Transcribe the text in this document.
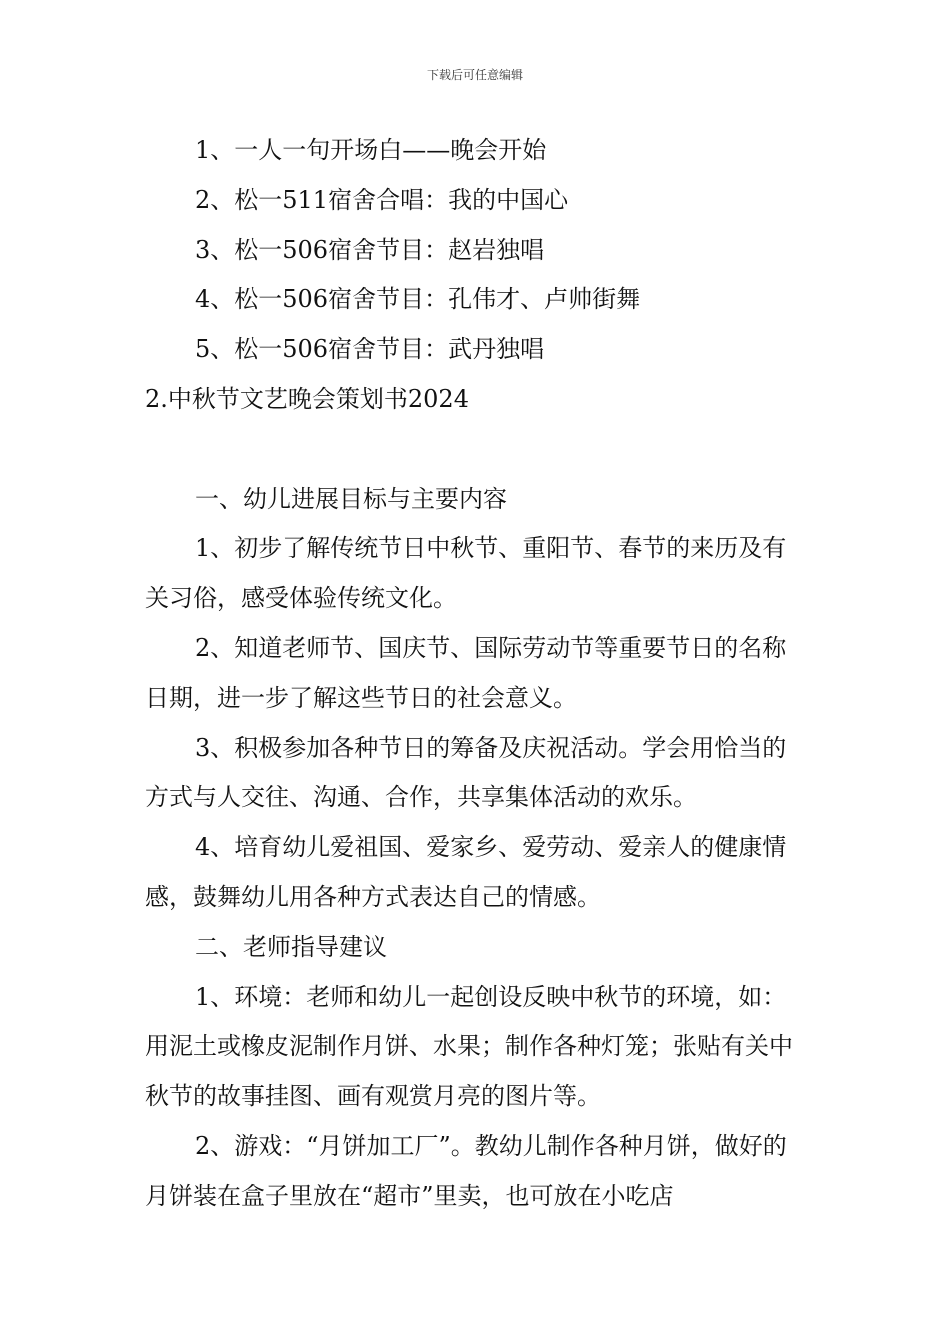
下载后可任意编辑

1、一人一句开场白——晚会开始

2、松一511宿舍合唱：我的中国心

3、松一506宿舍节目：赵岩独唱

4、松一506宿舍节目：孔伟才、卢帅街舞

5、松一506宿舍节目：武丹独唱

2.中秋节文艺晚会策划书2024

一、幼儿进展目标与主要内容

1、初步了解传统节日中秋节、重阳节、春节的来历及有关习俗，感受体验传统文化。

2、知道老师节、国庆节、国际劳动节等重要节日的名称日期，进一步了解这些节日的社会意义。

3、积极参加各种节日的筹备及庆祝活动。学会用恰当的方式与人交往、沟通、合作，共享集体活动的欢乐。

4、培育幼儿爱祖国、爱家乡、爱劳动、爱亲人的健康情感，鼓舞幼儿用各种方式表达自己的情感。

二、老师指导建议

1、环境：老师和幼儿一起创设反映中秋节的环境，如：用泥土或橡皮泥制作月饼、水果；制作各种灯笼；张贴有关中秋节的故事挂图、画有观赏月亮的图片等。

2、游戏：“月饼加工厂”。教幼儿制作各种月饼，做好的月饼装在盒子里放在“超市”里卖，也可放在小吃店
